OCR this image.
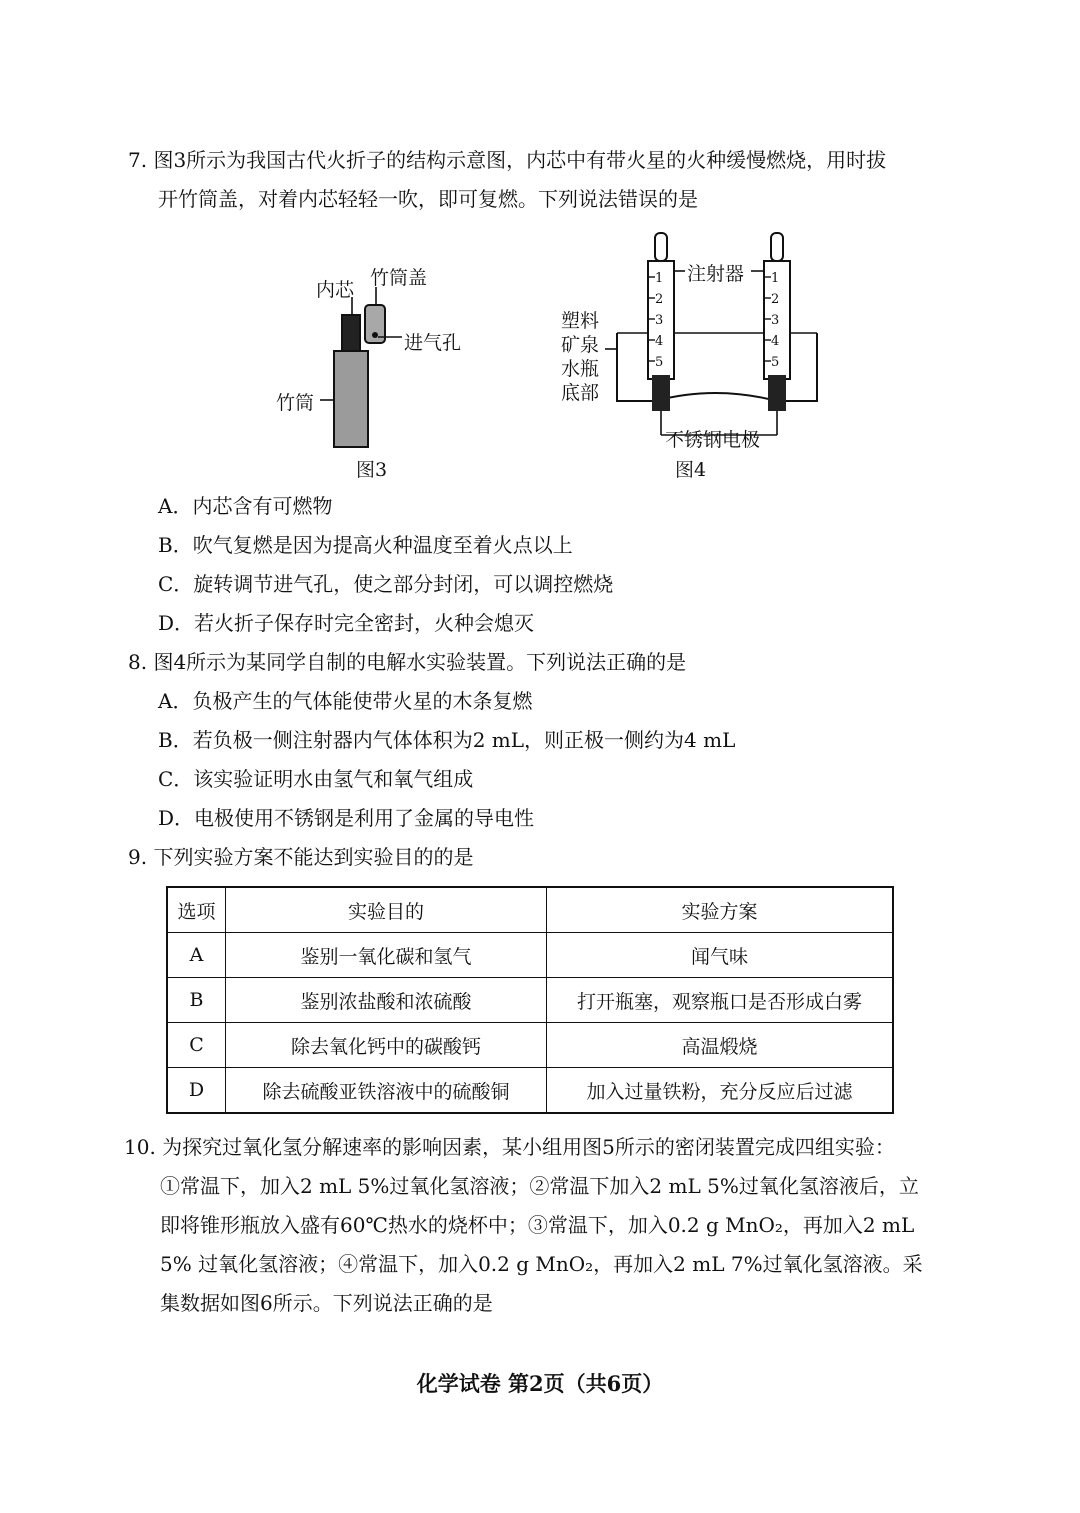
7. 图3所示为我国古代火折子的结构示意图，内芯中有带火星的火种缓慢燃烧，用时拔
开竹筒盖，对着内芯轻轻一吹，即可复燃。下列说法错误的是
内芯
竹筒盖
进气孔
竹筒
图3
1
2
3
4
5
1
2
3
4
5
注射器
塑料
矿泉
水瓶
底部
不锈钢电极
图4
A．内芯含有可燃物
B．吹气复燃是因为提高火种温度至着火点以上
C．旋转调节进气孔，使之部分封闭，可以调控燃烧
D．若火折子保存时完全密封，火种会熄灭
8. 图4所示为某同学自制的电解水实验装置。下列说法正确的是
A．负极产生的气体能使带火星的木条复燃
B．若负极一侧注射器内气体体积为2 mL，则正极一侧约为4 mL
C．该实验证明水由氢气和氧气组成
D．电极使用不锈钢是利用了金属的导电性
9. 下列实验方案不能达到实验目的的是
选项	实验目的	实验方案
A	鉴别一氧化碳和氢气	闻气味
B	鉴别浓盐酸和浓硫酸	打开瓶塞，观察瓶口是否形成白雾
C	除去氧化钙中的碳酸钙	高温煅烧
D	除去硫酸亚铁溶液中的硫酸铜	加入过量铁粉，充分反应后过滤
10. 为探究过氧化氢分解速率的影响因素，某小组用图5所示的密闭装置完成四组实验：
①常温下，加入2 mL 5%过氧化氢溶液；②常温下加入2 mL 5%过氧化氢溶液后，立
即将锥形瓶放入盛有60℃热水的烧杯中；③常温下，加入0.2 g MnO₂，再加入2 mL
5% 过氧化氢溶液；④常温下，加入0.2 g MnO₂，再加入2 mL 7%过氧化氢溶液。采
集数据如图6所示。下列说法正确的是
化学试卷 第2页（共6页）
